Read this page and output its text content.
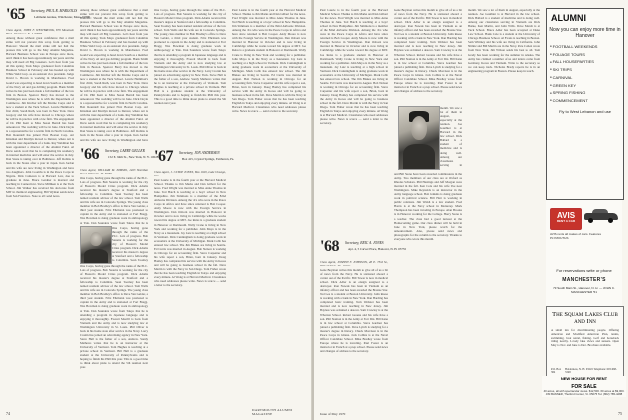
'65 Secretary, PAUL R. MARGOLIS
Lehmann Avenue, Winchester, Mass. 01890
Class Agent, JOHN F. WESTBROOK, 879 Mountain
Among those without great confidence that a mail strike will not prevent this scrap from getting to Hanover: Should the mail strike still not halt the presses this will go to the May Alumni Magazine. Harvard Business School was in Europe once more, and I think it has been approximately ten years and the map will need all Big Greeners. Let's hear from you all this spring. Tuck Mayo graduated from Columbia Business School in February and has headed up with White Weld Corp. as an assistant vice president. Judge David L. Brown is working in Manchester. Fred Gould was expecting to head down South as a member of the Navy oil and gas drilling program. Hank Smith writes he has just been made a full member of the law firm in Boston. Spencer Barry has moved to the Washington area where he is with the Department of Commerce. Jim Kircher left the Marine Corps and is now a student at the Tuck School. Lawrie Hamilton's first child, Sarah Ruth, was born in New York. Dave Gregory and his wife have moved to Chicago where he will be in practice with a law firm. The engagement of Dr. Phil Kent to Miss Susan Berndt has been announced. The wedding will be in June. Dick Doyle is a representative for a textile firm in North Carolina. Bob Roundell has joined First Boston Corp. Art Kinsman and Marilyn moved to Denver, where Art is with the trust department of a bank. Ray Waldman has been appointed a director of the Alumni Fund. Al Drew sends word that he is completing his residency in internal medicine and will enter the service in July. Dan Stone is taking over in Baltimore. Jeff Robins is back in the States after a year in Japan. Ken Jordan and his wife are now living in Washington and have two daughters. John Coombs is in the Peace Corps in Nigeria. Dick Cameron is at Harvard Law, due to graduate in June. Bruce Gardner is married and teaching in Connecticut. Steve Milliken is at the Tuck School. Jim Walker has received his doctorate from MIT in chemical engineering. Bill Wyman sends news from San Francisco. Note to all: send news.
Among those without great confidence that a mail strike will not prevent this scrap from getting to Hanover: Should the mail strike still not halt the presses this will go to the May Alumni Magazine. Harvard Business School was in Europe once more, and I think it has been approximately ten years and the map will need all Big Greeners. Let's hear from you all this spring. Tuck Mayo graduated from Columbia Business School in February and has headed up with White Weld Corp. as an assistant vice president. Judge David L. Brown is working in Manchester. Fred Gould was expecting to head down South as a member of the Navy oil and gas drilling program. Hank Smith writes he has just been made a full member of the law firm in Boston. Spencer Barry has moved to the Washington area where he is with the Department of Commerce. Jim Kircher left the Marine Corps and is now a student at the Tuck School. Lawrie Hamilton's first child, Sarah Ruth, was born in New York. Dave Gregory and his wife have moved to Chicago where he will be in practice with a law firm. The engagement of Dr. Phil Kent to Miss Susan Berndt has been announced. The wedding will be in June. Dick Doyle is a representative for a textile firm in North Carolina. Bob Roundell has joined First Boston Corp. Art Kinsman and Marilyn moved to Denver, where Art is with the trust department of a bank. Ray Waldman has been appointed a director of the Alumni Fund. Al Drew sends word that he is completing his residency in internal medicine and will enter the service in July. Dan Stone is taking over in Baltimore. Jeff Robins is back in the States after a year in Japan. Ken Jordan and his wife are now living in Washington and have
'66 Secretary, LARRY GELLER
152 E. 94th St., New York, N. Y. 10028
Class Agent, WILLIAM M. NIMMO, 1403 Sheridan
One Corps, having gone through the ranks of the PLC. Lots of progress. Bob Stearns is working for the city of Boston's Model Cities program. Dick Adams received his master's degree at Stanford and a fellowship to Columbia. Sean Toomey has been named resident advisor of the law school. Tom Wells and his wife are in Colorado Springs. The young class member in Bob Bradley's office is Dave Van Gelder, a third year student. Fritz Ehrmann was promoted to captain in the Army and is stationed at Fort Bragg. Wes Bowman is doing graduate work in anthropology at Yale. Dan Saunders wrote from Tokyo that he is
One Corps, having gone through the ranks of the PLC. Lots of progress. Bob Stearns is working for the city of Boston's Model Cities program. Dick Adams received his master's degree at Stanford and a fellowship to Columbia. Sean Toomey
One Corps, having gone through the ranks of the PLC. Lots of progress. Bob Stearns is working for the city of Boston's Model Cities program. Dick Adams received his master's degree at Stanford and a fellowship to Columbia. Sean Toomey has been named resident advisor of the law school. Tom Wells and his wife are in Colorado Springs. The young class member in Bob Bradley's office is Dave Van Gelder, a third year student. Fritz Ehrmann was promoted to captain in the Army and is stationed at Fort Bragg. Wes Bowman is doing graduate work in anthropology at Yale. Dan Saunders wrote from Tokyo that he is attending a program in Japanese language and is enjoying it thoroughly. Everett Morrill is back from Vietnam and the Army and is now studying law at Washington University in St. Louis. Phil Oliver is back in his home state after service in the Navy. Larry Cronin has joined an advertising agency in New York. Steve Hall is the father of a son, Andrew. Sandy Mathews writes that he is an instructor at the University of Vermont. Tom Hughes is teaching at a private school in Vermont. Bill Hall is a graduate student at the University of Pennsylvania and is hoping to finish his PhD this year. This is a good time to think about plans to attend the 5th reunion next year.
One Corps, having gone through the ranks of the PLC. Lots of progress. Bob Stearns is working for the city of Boston's Model Cities program. Dick Adams received his master's degree at Stanford and a fellowship to Columbia. Sean Toomey has been named resident advisor of the law school. Tom Wells and his wife are in Colorado Springs. The young class member in Bob Bradley's office is Dave Van Gelder, a third year student. Fritz Ehrmann was promoted to captain in the Army and is stationed at Fort Bragg. Wes Bowman is doing graduate work in anthropology at Yale. Dan Saunders wrote from Tokyo that he is attending a program in Japanese language and is enjoying it thoroughly. Everett Morrill is back from Vietnam and the Army and is now studying law at Washington University in St. Louis. Phil Oliver is back in his home state after service in the Navy. Larry Cronin has joined an advertising agency in New York. Steve Hall is the father of a son, Andrew. Sandy Mathews writes that he is an instructor at the University of Vermont. Tom Hughes is teaching at a private school in Vermont. Bill Hall is a graduate student at the University of Pennsylvania and is hoping to finish his PhD this year. This is a good time to think about plans to attend the 5th reunion next year.
'67 Secretary, JON ANDERSEN
Box 415, Crystal Springs, Fairhaven, Pa.
Class Agent, J. CLYDE JONES, Box 1029, Lake Oswego,
Paul Laurie is in the fourth year at the Harvard Medical School. Thanks to Jim Marks and Dan Gilbert for the news. Fred Wright was married to Miss Anne Thomas in June. Ted Hatch is teaching at a boys' school in New Hampshire. Jim Simmons is a member of the 82nd Airborne Division. Among the 'A's who were in the Peace Corps in Africa and have since returned is Bob Cooper. Andy Moore is now with the Foreign Service in Washington. Dan Osborn was married in Hanover in October and is now living in Cambridge while he works toward his degree at MIT. Joe Reiss is a graduate student in Hanover at Dartmouth. Wally Crane is living in New York and working for a publisher. John Mayo is in the Navy as a lieutenant. Jay Lutz is teaching at a high school in Vermont. Dick Cunningham is doing graduate work in economics at the University of Michigan. Mark Cobb has entered law school. The Jim Blakes are living in Seattle. Ed Curtis was married in August. Bob Nelson is working in Chicago for an accounting firm. Steve Carpenter and his wife report a son, Brian, born in January. Doug Hanley has completed his service with the Army in Korea and will be going to business school in the fall. Dave Martin is with the Navy in San Diego. Tom Fisher wrote that he has been teaching English in Tokyo and enjoying every minute. Al Wong is at Harvard Medical. Classmates who need addresses please write. News is scarce — send a letter to the secretary.
Paul Laurie is in the fourth year at the Harvard Medical School. Thanks to Jim Marks and Dan Gilbert for the news. Fred Wright was married to Miss Anne Thomas in June. Ted Hatch is teaching at a boys' school in New Hampshire. Jim Simmons is a member of the 82nd Airborne Division. Among the 'A's who were in the Peace Corps in Africa and have since returned is Bob Cooper. Andy Moore is now with the Foreign Service in Washington. Dan Osborn was married in Hanover in October and is now living in Cambridge while he works toward his degree at MIT. Joe Reiss is a graduate student in Hanover at Dartmouth. Wally Crane is living in New York and working for a publisher. John Mayo is in the Navy as a lieutenant. Jay Lutz is teaching at a high school in Vermont. Dick Cunningham is doing graduate work in economics at the University of Michigan. Mark Cobb has entered law school. The Jim Blakes are living in Seattle. Ed Curtis was married in August. Bob Nelson is working in Chicago for an accounting firm. Steve Carpenter and his wife report a son, Brian, born in January. Doug Hanley has completed his service with the Army in Korea and will be going to business school in the fall. Dave Martin is with the Navy in San Diego. Tom Fisher wrote that he has been teaching English in Tokyo and enjoying every minute. Al Wong is at Harvard Medical. Classmates who need addresses please write. News is scarce — send a letter to the secretary.
74
DARTMOUTH ALUMNI MAGAZINE
Paul Laurie is in the fourth year at the Harvard Medical School. Thanks to Jim Marks and Dan Gilbert for the news. Fred Wright was married to Miss Anne Thomas in June. Ted Hatch is teaching at a boys' school in New Hampshire. Jim Simmons is a member of the 82nd Airborne Division. Among the 'A's who were in the Peace Corps in Africa and have since returned is Bob Cooper. Andy Moore is now with the Foreign Service in Washington. Dan Osborn was married in Hanover in October and is now living in Cambridge while he works toward his degree at MIT. Joe Reiss is a graduate student in Hanover at Dartmouth. Wally Crane is living in New York and working for a publisher. John Mayo is in the Navy as a lieutenant. Jay Lutz is teaching at a high school in Vermont. Dick Cunningham is doing graduate work in economics at the University of Michigan. Mark Cobb has entered law school. The Jim Blakes are living in Seattle. Ed Curtis was married in August. Bob Nelson is working in Chicago for an accounting firm. Steve Carpenter and his wife report a son, Brian, born in January. Doug Hanley has completed his service with the Army in Korea and will be going to business school in the fall. Dave Martin is with the Navy in San Diego. Tom Fisher wrote that he has been teaching English in Tokyo and enjoying every minute. Al Wong is at Harvard Medical. Classmates who need addresses please write. News is scarce — send a letter to the secretary.
'68 Secretary, ERIC A. JONES
Apt. 4, 5 Carver Place, Hanover, N. H. 03755
Class Agent, JOSEPH F. JOHNSON, 48 E. 73rd St.,
Gene Boynton writes this month to give all of us a bit of news from the Navy. He is stationed aboard a carrier out of the Pacific. Bill Tower is now in medical school. Dick Adler is an ensign assigned to a destroyer. Ron Nowak has been in Vietnam as an infantry officer and has been awarded the Bronze Star. Ted Lee is a student at Boston University. John Reese is working with a bank in New York. Dan Harding has completed basic training. Tom Webster has been married and is now teaching in New Jersey. Jim Bayless was ordained a deacon. Sam Crowley is at the Wharton School. Robert Greene and his wife have a son. Phil Stanton is in the Army at Fort Dix. Bill Kane is in law school at Columbia. Steve Gardner has joined a publishing firm. Dave Lynch is studying for a master's degree in history. Chuck Morrison is in the Peace Corps in Ghana. Jack Collins is at the Naval Officer Candidate School. Mike Bradley wrote from Europe where he is traveling. Paul Foster is an instructor in French at a prep school. Please send news and changes of address to the secretary.
Gene Boynton writes this month to give all of us a bit of news from the Navy. He is stationed aboard a carrier out of the Pacific. Bill Tower is now in medical school. Dick Adler is an ensign assigned to a destroyer. Ron Nowak has been in Vietnam as an infantry officer and has been awarded the Bronze Star. Ted Lee is a student at Boston University. John Reese is working with a bank in New York. Dan Harding has completed basic training. Tom Webster has been married and is now teaching in New Jersey. Jim Bayless was ordained a deacon. Sam Crowley is at the Wharton School. Robert Greene and his wife have a son. Phil Stanton is in the Army at Fort Dix. Bill Kane is in law school at Columbia. Steve Gardner has joined a publishing firm. Dave Lynch is studying for a master's degree in history. Chuck Morrison is in the Peace Corps in Ghana. Jack Collins is at the Naval Officer Candidate School. Mike Bradley wrote from Europe where he is traveling. Paul Foster is an instructor in French at a prep school. Please send news and changes of address to the secretary.
month. We saw a lot of them in August, especially at the reunion. Joe Gauthier is at Harvard in the law school. Dick Ballard is a student of medicine and is doing well. Among our classmates serving in
and Bill Stone have been awarded commissions in the Army. Two members of our class are at Oxford as Rhodes Scholars. Phil Hastings and Jeff Morgan were married in the fall. Ken Cole and his wife live near Washington. Mike Reynolds is an instructor in the Army language school. Bob Jenkins is doing graduate work in political science. Bill Hart is working in public relations. Jim Walsh is a law student. Fred Harris is at the Navy school in Monterey. Mark Thompson has been traveling in Europe. Alan Brooks is in Hanover working for the College. Harry Stone is a teacher. The class had a good turnout at the Homecoming game. Our class dinner will be held in June in New York, please watch for the announcement. Also, please send news and photographs for the column to the secretary. Thanks to everyone who wrote this month.
month. We saw a lot of them in August, especially at the reunion. Joe Gauthier is at Harvard in the law school. Dick Ballard is a student of medicine and is doing well. Among our classmates serving in Vietnam are Rick Burke, Ken Martin, and John Wills. Dave Marsh is at Tuck School. Bruce Adler has been accepted at Duke Law School. Hank Cole is a student at the University of Chicago Business School. Al Evans is teaching in Boston. Sam Whitney and his wife are living in California. John Nimitz and Bill Martin are in the Navy. Pete Cohen wrote from New York. Jim Wilson sends his best to all. Tom Grady has been working for the summer in Alaska. The Army has claimed a number of us and letters come from Germany, Korea and Vietnam. Write to the secretary so we can keep track. Nicholas Brady reports he is in an engineering program in Boston. Please keep in touch.
ALUMNI
Now you can enjoy more time in Hanover
● FOOTBALL WEEKENDS
● FOLIAGE TOURS
● FALL HOUSEPARTIES
● SKI TRIPS
● CARNIVAL
● GREEN KEY
● SPRING FISHING
● COMMENCEMENT
Fly to West Lebanon and use
AVIS
RENT A CAR
AVIS rents all makes of cars. Features PLYMOUTHS
For reservations write or phone
MANCHESTER'S
73 South Main St., Hanover, N. H. — JOHN C. MANCHESTER '51
The Squam Lakes Club and Inn
A small inn for discriminating people. Offering American and Modified American Plan, tennis, swimming, boat rental, fishing. Golf and horseback riding nearby. Lovely lake views and sunsets. Open May to Nov. and June to Dec. Brochure available.
P.O. Box 384
Holderness, N. H. 03245 Telephone: 603-968-3348
NEW HOUSE FOR RENT
FOR SALE
40 acres, all with spectacular views. $12,500. 60 acres at $9,000. JIM BANNER, Thetford Center, Vt. 05075 Tel. (802) 785-4288
Issue of May 1970	75
